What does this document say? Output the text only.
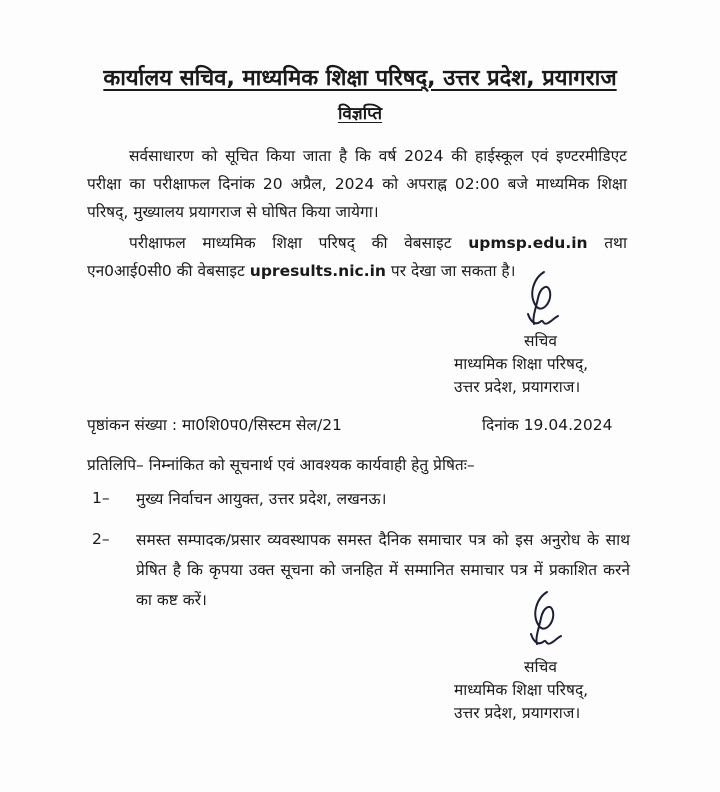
कार्यालय सचिव, माध्यमिक शिक्षा परिषद्, उत्तर प्रदेश, प्रयागराज
विज्ञप्ति
सर्वसाधारण को सूचित किया जाता है कि वर्ष 2024 की हाईस्कूल एवं इण्टरमीडिएट परीक्षा का परीक्षाफल दिनांक 20 अप्रैल, 2024 को अपराह्न 02:00 बजे माध्यमिक शिक्षा परिषद्, मुख्यालय प्रयागराज से घोषित किया जायेगा।
परीक्षाफल माध्यमिक शिक्षा परिषद् की वेबसाइट upmsp.edu.in तथा एन0आई0सी0 की वेबसाइट upresults.nic.in पर देखा जा सकता है।
सचिव
माध्यमिक शिक्षा परिषद्,
उत्तर प्रदेश, प्रयागराज।
पृष्ठांकन संख्या : मा0शि0प0/सिस्टम सेल/21	दिनांक 19.04.2024
प्रतिलिपि– निम्नांकित को सूचनार्थ एवं आवश्यक कार्यवाही हेतु प्रेषितः–
1– मुख्य निर्वाचन आयुक्त, उत्तर प्रदेश, लखनऊ।
2– समस्त सम्पादक/प्रसार व्यवस्थापक समस्त दैनिक समाचार पत्र को इस अनुरोध के साथ प्रेषित है कि कृपया उक्त सूचना को जनहित में सम्मानित समाचार पत्र में प्रकाशित करने का कष्ट करें।
सचिव
माध्यमिक शिक्षा परिषद्,
उत्तर प्रदेश, प्रयागराज।
